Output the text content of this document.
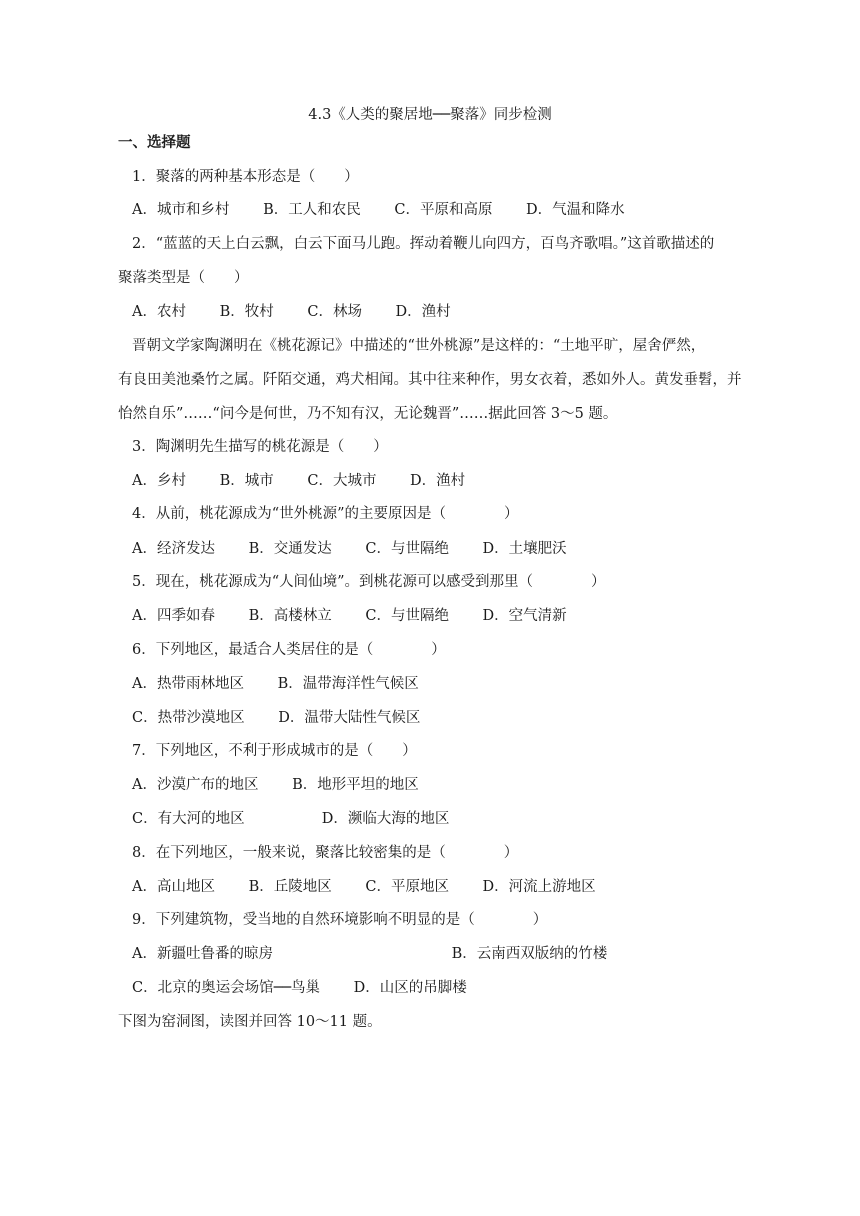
4.3《人类的聚居地──聚落》同步检测
一、选择题
1．聚落的两种基本形态是（　　）
A．城市和乡村　　 B．工人和农民　　 C．平原和高原　　 D．气温和降水
2．“蓝蓝的天上白云飘，白云下面马儿跑。挥动着鞭儿向四方，百鸟齐歌唱。”这首歌描述的
聚落类型是（　　）
A．农村　　 B．牧村　　 C．林场　　 D．渔村
晋朝文学家陶渊明在《桃花源记》中描述的“世外桃源”是这样的：“土地平旷，屋舍俨然，
有良田美池桑竹之属。阡陌交通，鸡犬相闻。其中往来种作，男女衣着，悉如外人。黄发垂髫，并
怡然自乐”……“问今是何世，乃不知有汉，无论魏晋”……据此回答 3～5 题。
3．陶渊明先生描写的桃花源是（　　）
A．乡村　　 B．城市　　 C．大城市　　 D．渔村
4．从前，桃花源成为“世外桃源”的主要原因是（　　　　）
A．经济发达　　 B．交通发达　　 C．与世隔绝　　 D．土壤肥沃
5．现在，桃花源成为“人间仙境”。到桃花源可以感受到那里（　　　　）
A．四季如春　　 B．高楼林立　　 C．与世隔绝　　 D．空气清新
6．下列地区，最适合人类居住的是（　　　　）
A．热带雨林地区　　 B．温带海洋性气候区
C．热带沙漠地区　　 D．温带大陆性气候区
7．下列地区，不利于形成城市的是（　　）
A．沙漠广布的地区　　 B．地形平坦的地区
C．有大河的地区　　　　　 D．濒临大海的地区
8．在下列地区，一般来说，聚落比较密集的是（　　　　）
A．高山地区　　 B．丘陵地区　　 C．平原地区　　 D．河流上游地区
9．下列建筑物，受当地的自然环境影响不明显的是（　　　　）
A．新疆吐鲁番的晾房　　　　　　　　　　　　 B．云南西双版纳的竹楼
C．北京的奥运会场馆──鸟巢　　 D．山区的吊脚楼
下图为窑洞图，读图并回答 10～11 题。
